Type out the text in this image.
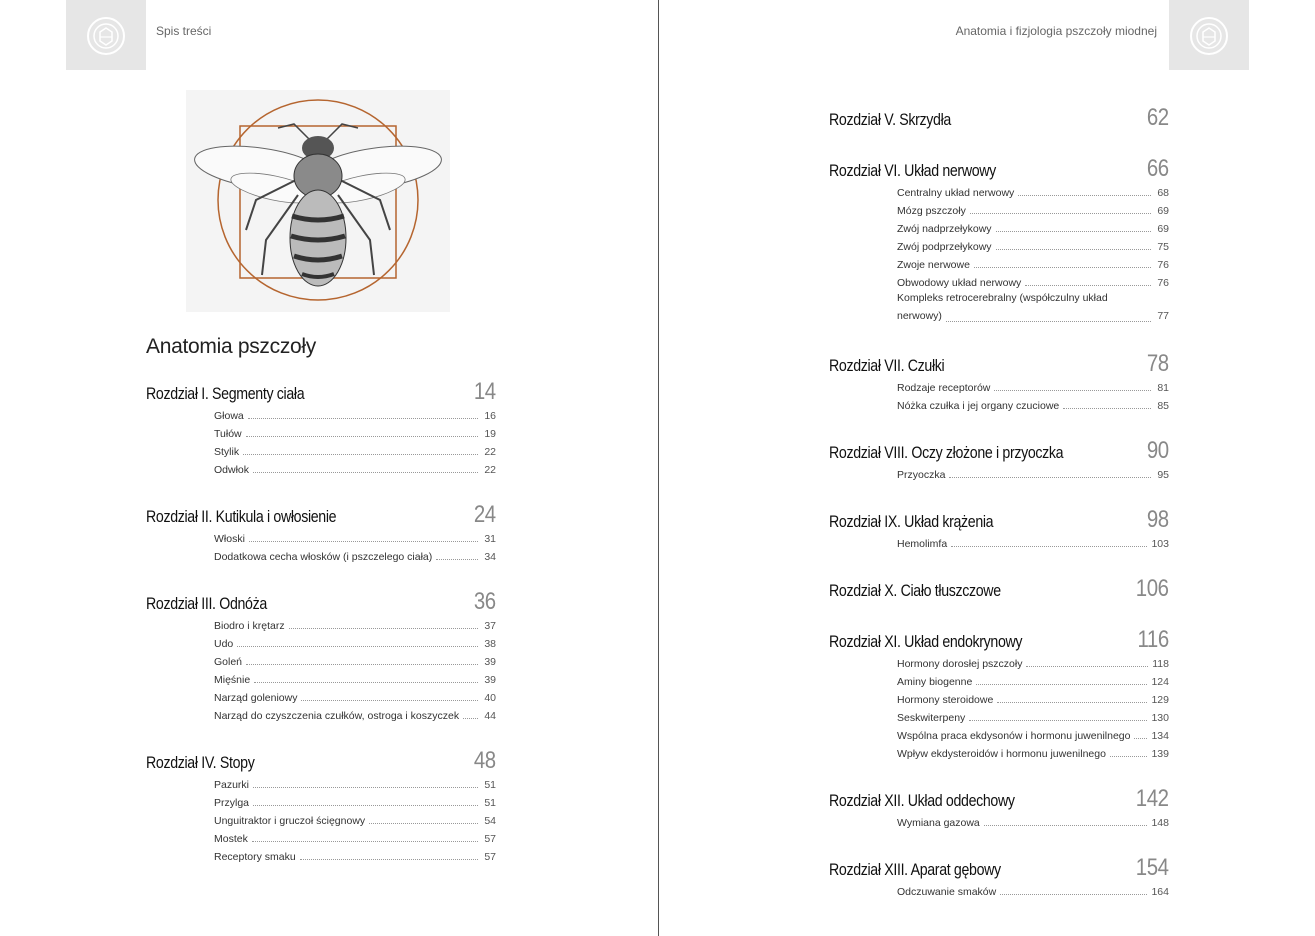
Spis treści	Anatomia i fizjologia pszczoły miodnej
Anatomia pszczoły
Rozdział I. Segmenty ciała	14
Głowa	16
Tułów	19
Stylik	22
Odwłok	22
Rozdział II. Kutikula i owłosienie	24
Włoski	31
Dodatkowa cecha włosków (i pszczelego ciała)	34
Rozdział III. Odnóża	36
Biodro i krętarz	37
Udo	38
Goleń	39
Mięśnie	39
Narząd goleniowy	40
Narząd do czyszczenia czułków, ostroga i koszyczek 44
Rozdział IV. Stopy	48
Pazurki	51
Przylga	51
Unguitraktor i gruczoł ścięgnowy	54
Mostek	57
Receptory smaku	57
Rozdział V. Skrzydła	62
Rozdział VI. Układ nerwowy	66
Centralny układ nerwowy	68
Mózg pszczoły	69
Zwój nadprzełykowy	69
Zwój podprzełykowy	75
Zwoje nerwowe	76
Obwodowy układ nerwowy	76
Kompleks retrocerebralny (współczulny układ
nerwowy)	77
Rozdział VII. Czułki	78
Rodzaje receptorów	81
Nóżka czułka i jej organy czuciowe	85
Rozdział VIII. Oczy złożone i przyoczka	90
Przyoczka	95
Rozdział IX. Układ krążenia	98
Hemolimfa	103
Rozdział X. Ciało tłuszczowe	106
Rozdział XI. Układ endokrynowy	116
Hormony dorosłej pszczoły	118
Aminy biogenne	124
Hormony steroidowe	129
Seskwiterpeny	130
Wspólna praca ekdysonów i hormonu juwenilnego 134
Wpływ ekdysteroidów i hormonu juwenilnego	139
Rozdział XII. Układ oddechowy	142
Wymiana gazowa	148
Rozdział XIII. Aparat gębowy	154
Odczuwanie smaków	164
